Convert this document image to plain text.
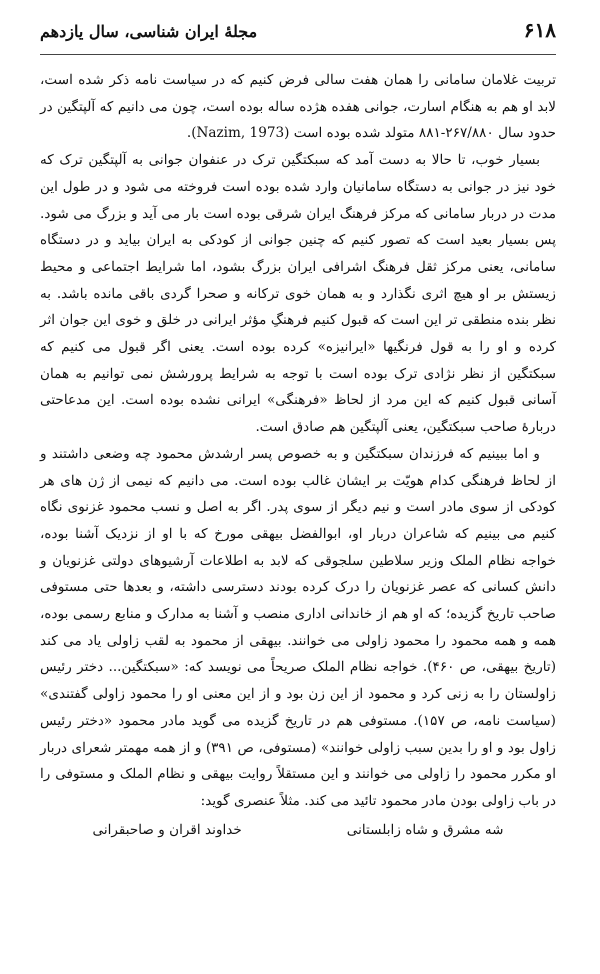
۶۱۸
مجلهٔ ایران شناسی، سال یازدهم

تربیت غلامان سامانی را همان هفت سالی فرض کنیم که در سیاست نامه ذکر شده است، لابد او هم به هنگام اسارت، جوانی هفده هژده ساله بوده است، چون می دانیم که آلپتگین در حدود سال ۲۶۷/۸۸۰-۸۸۱ متولد شده بوده است (Nazim, 1973).

بسیار خوب، تا حالا به دست آمد که سبکتگین ترک در عنفوان جوانی به آلپتگین ترک که خود نیز در جوانی به دستگاه سامانیان وارد شده بوده است فروخته می شود و در طول این مدت در دربار سامانی که مرکز فرهنگ ایران شرقی بوده است بار می آید و بزرگ می شود. پس بسیار بعید است که تصور کنیم که چنین جوانی از کودکی به ایران بیاید و در دستگاه سامانی، یعنی مرکز ثقل فرهنگ اشرافی ایران بزرگ بشود، اما شرایط اجتماعی و محیط زیستش بر او هیچ اثری نگذارد و به همان خوی ترکانه و صحرا گردی باقی مانده باشد. به نظر بنده منطقی تر این است که قبول کنیم فرهنگِ مؤثر ایرانی در خلق و خوی این جوان اثر کرده و او را به قول فرنگیها «ایرانیزه» کرده بوده است. یعنی اگر قبول می کنیم که سبکتگین از نظر نژادی ترک بوده است با توجه به شرایط پرورشش نمی توانیم به همان آسانی قبول کنیم که این مرد از لحاظ «فرهنگی» ایرانی نشده بوده است. این مدعاحتی دربارهٔ صاحب سبکتگین، یعنی آلپتگین هم صادق است.

و اما ببینیم که فرزندان سبکتگین و به خصوص پسر ارشدش محمود چه وضعی داشتند و از لحاظ فرهنگی کدام هویّت بر ایشان غالب بوده است. می دانیم که نیمی از ژن های هر کودکی از سوی مادر است و نیم دیگر از سوی پدر. اگر به اصل و نسب محمود غزنوی نگاه کنیم می بینیم که شاعران دربار او، ابوالفضل بیهقی مورخ که با او از نزدیک آشنا بوده، خواجه نظام الملک وزیر سلاطین سلجوقی که لابد به اطلاعات آرشیوهای دولتی غزنویان و دانش کسانی که عصر غزنویان را درک کرده بودند دسترسی داشته، و بعدها حتی مستوفی صاحب تاریخ گزیده؛ که او هم از خاندانی اداری منصب و آشنا به مدارک و منابع رسمی بوده، همه و همه محمود را محمود زاولی می خوانند. بیهقی از محمود به لقب زاولی یاد می کند (تاریخ بیهقی، ص ۴۶۰). خواجه نظام الملک صریحاً می نویسد که: «سبکتگین... دختر رئیس زاولستان را به زنی کرد و محمود از این زن بود و از این معنی او را محمود زاولی گفتندی» (سیاست نامه، ص ۱۵۷). مستوفی هم در تاریخ گزیده می گوید مادر محمود «دختر رئیس زاول بود و او را بدین سبب زاولی خوانند» (مستوفی، ص ۳۹۱) و از همه مهمتر شعرای دربار او مکرر محمود را زاولی می خوانند و این مستقلاً روایت بیهقی و نظام الملک و مستوفی را در باب زاولی بودن مادر محمود تائید می کند. مثلاً عنصری گوید:

شه مشرق و شاه زابلستانی
خداوند اقران و صاحبقرانی
